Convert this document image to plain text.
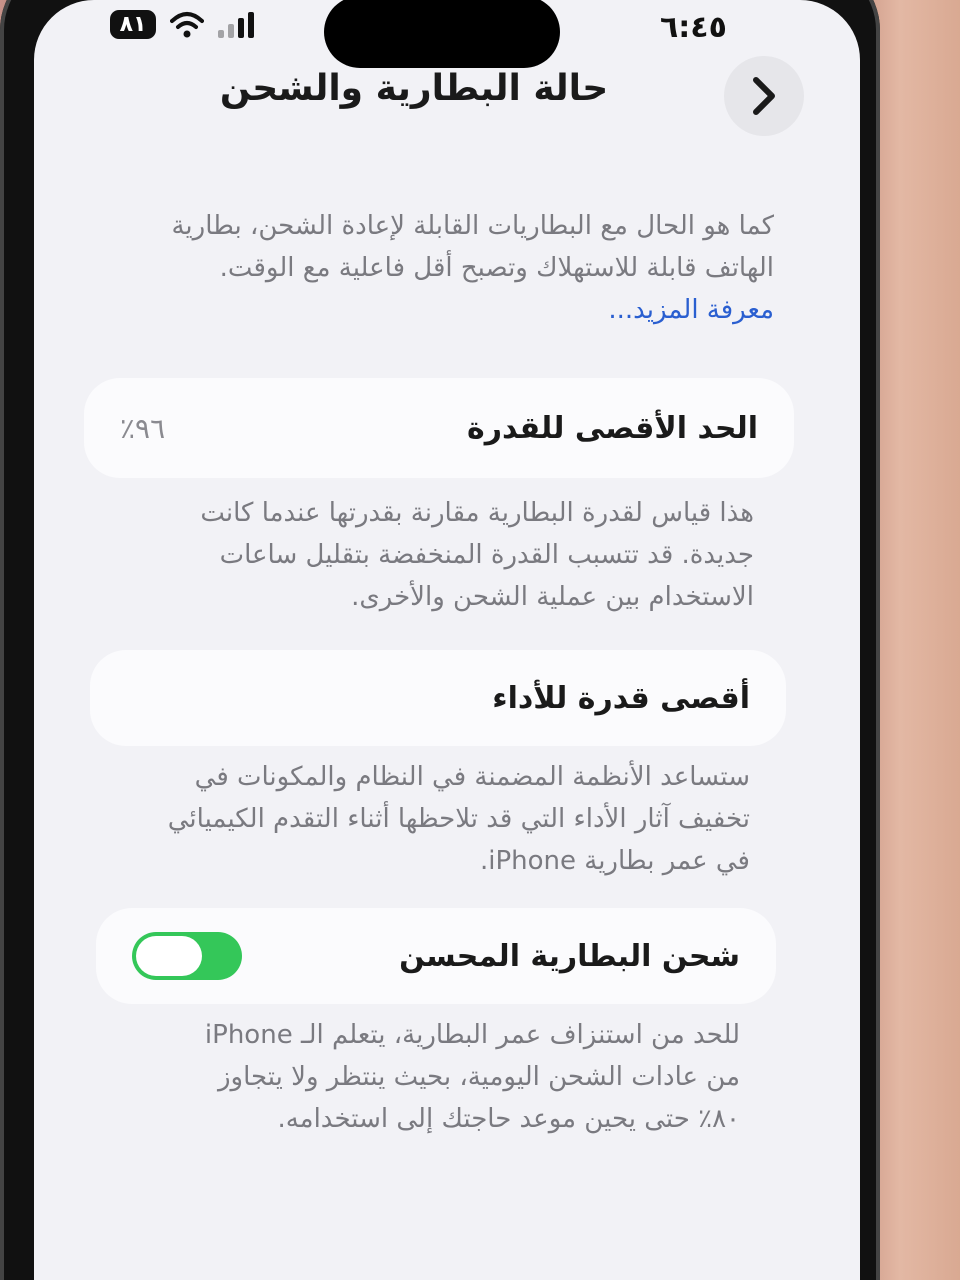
٨١	٦:٤٥
حالة البطارية والشحن
كما هو الحال مع البطاريات القابلة لإعادة الشحن، بطارية الهاتف قابلة للاستهلاك وتصبح أقل فاعلية مع الوقت.
معرفة المزيد...
الحد الأقصى للقدرة
٩٦٪
هذا قياس لقدرة البطارية مقارنة بقدرتها عندما كانت جديدة. قد تتسبب القدرة المنخفضة بتقليل ساعات الاستخدام بين عملية الشحن والأخرى.
أقصى قدرة للأداء
ستساعد الأنظمة المضمنة في النظام والمكونات في تخفيف آثار الأداء التي قد تلاحظها أثناء التقدم الكيميائي في عمر بطارية iPhone.
شحن البطارية المحسن
للحد من استنزاف عمر البطارية، يتعلم الـ iPhone من عادات الشحن اليومية، بحيث ينتظر ولا يتجاوز ٨٠٪ حتى يحين موعد حاجتك إلى استخدامه.
